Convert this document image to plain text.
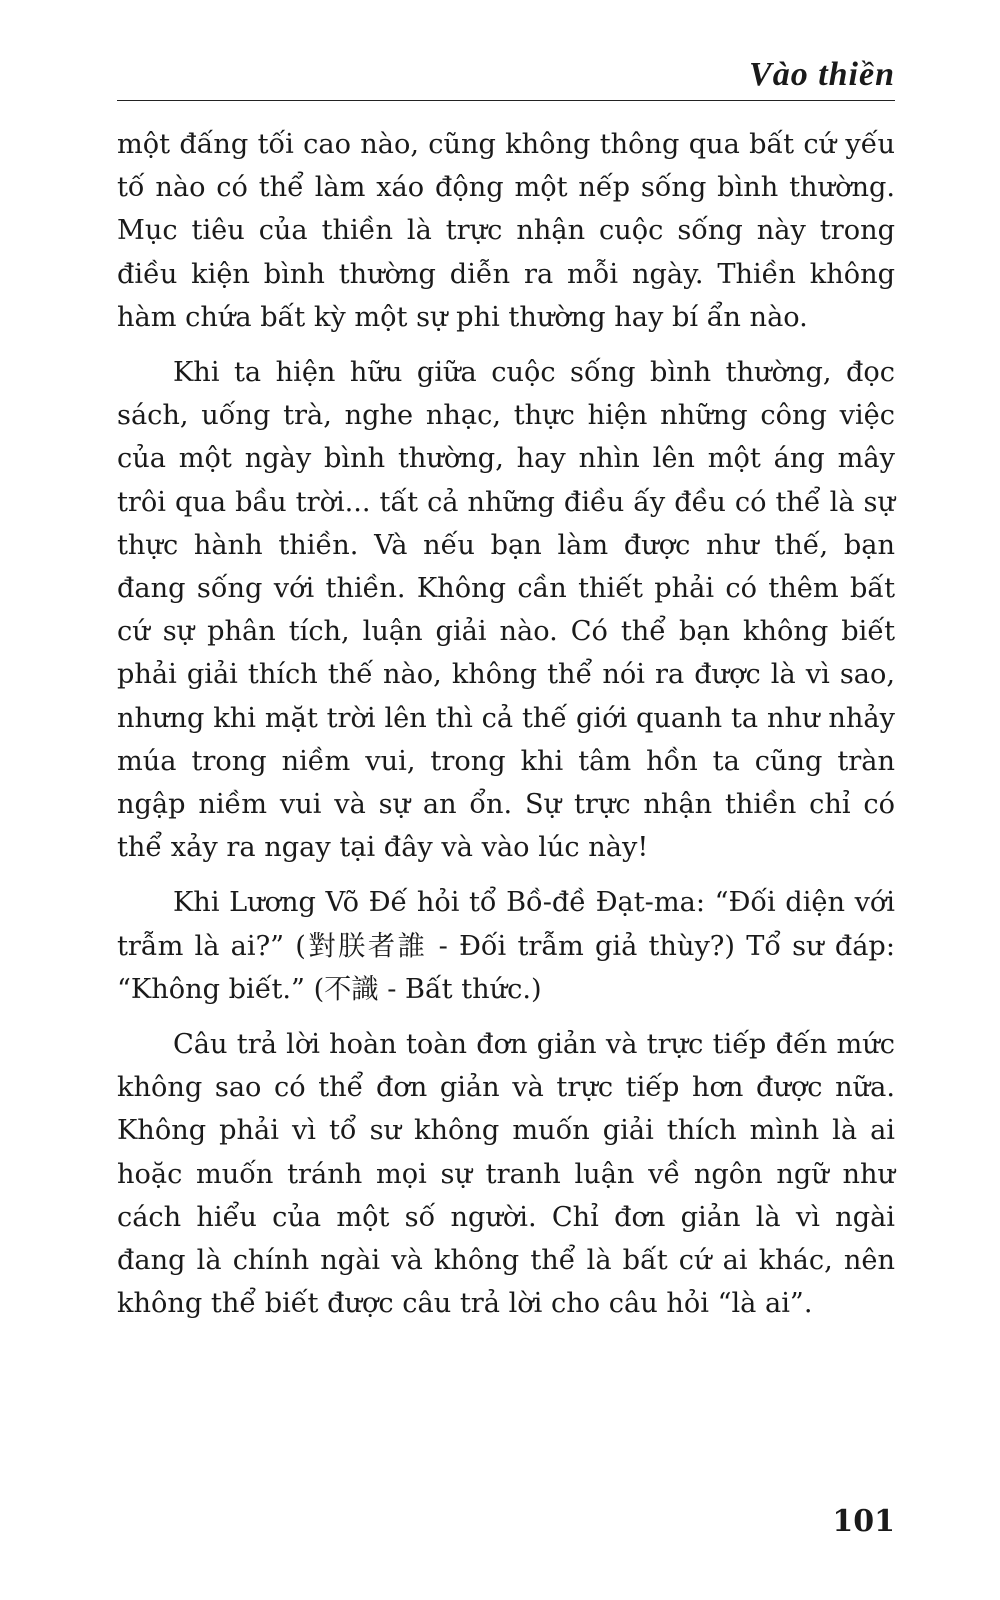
Vào thiền

một đấng tối cao nào, cũng không thông qua bất cứ yếu tố nào có thể làm xáo động một nếp sống bình thường. Mục tiêu của thiền là trực nhận cuộc sống này trong điều kiện bình thường diễn ra mỗi ngày. Thiền không hàm chứa bất kỳ một sự phi thường hay bí ẩn nào.

Khi ta hiện hữu giữa cuộc sống bình thường, đọc sách, uống trà, nghe nhạc, thực hiện những công việc của một ngày bình thường, hay nhìn lên một áng mây trôi qua bầu trời... tất cả những điều ấy đều có thể là sự thực hành thiền. Và nếu bạn làm được như thế, bạn đang sống với thiền. Không cần thiết phải có thêm bất cứ sự phân tích, luận giải nào. Có thể bạn không biết phải giải thích thế nào, không thể nói ra được là vì sao, nhưng khi mặt trời lên thì cả thế giới quanh ta như nhảy múa trong niềm vui, trong khi tâm hồn ta cũng tràn ngập niềm vui và sự an ổn. Sự trực nhận thiền chỉ có thể xảy ra ngay tại đây và vào lúc này!

Khi Lương Võ Đế hỏi tổ Bồ-đề Đạt-ma: “Đối diện với trẫm là ai?” (對朕者誰 - Đối trẫm giả thùy?) Tổ sư đáp: “Không biết.” (不識 - Bất thức.)

Câu trả lời hoàn toàn đơn giản và trực tiếp đến mức không sao có thể đơn giản và trực tiếp hơn được nữa. Không phải vì tổ sư không muốn giải thích mình là ai hoặc muốn tránh mọi sự tranh luận về ngôn ngữ như cách hiểu của một số người. Chỉ đơn giản là vì ngài đang là chính ngài và không thể là bất cứ ai khác, nên không thể biết được câu trả lời cho câu hỏi “là ai”.

101
